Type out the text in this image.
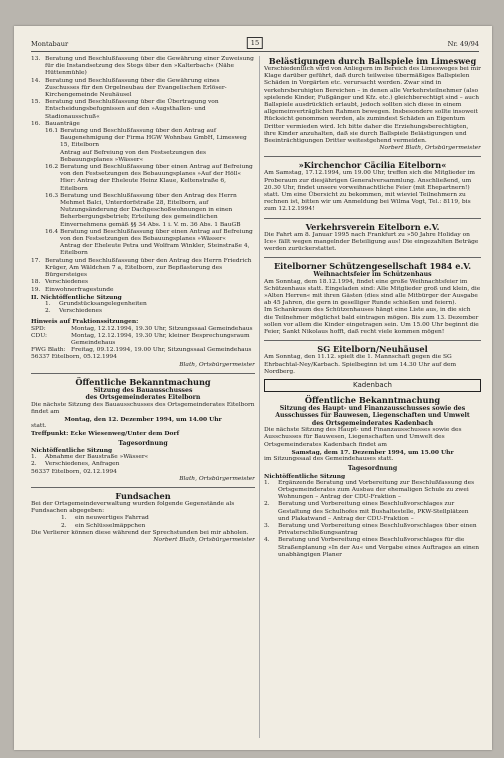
Montabaur	15	Nr. 49/94
13. Beratung und Beschlußfassung über die Gewährung einer Zuweisung für die Instandsetzung des Stegs über den »Kalterbach« (Nähe Hüttenmühle)
14. Beratung und Beschlußfassung über die Gewährung eines Zuschusses für den Orgelneubau der Evangelischen Erlöser-Kirchengemeinde Neuhäusel
15. Beratung und Beschlußfassung über die Übertragung von Entscheidungsbefugnissen auf den »Augsthallen- und Stadionausschuß«
16. Bauanträge
16.1 Beratung und Beschlußfassung über den Antrag auf Baugenehmigung der Firma HGW Wohnbau GmbH, Limesweg 15, Eitelborn
Antrag auf Befreiung von den Festsetzungen des Bebauungsplanes »Wässer«
16.2 Beratung und Beschlußfassung über einen Antrag auf Befreiung von den Festsetzungen des Bebauungsplanes »Auf der Höll«
Hier: Antrag der Eheleute Heinz Klaue, Keltenstraße 6, Eitelborn
16.3 Beratung und Beschlußfassung über den Antrag des Herrn Mehmet Balci, Unterdorfstraße 28, Eitelborn, auf Nutzungsänderung der Dachgeschoßwohnungen in einen Beherbergungsbetrieb; Erteilung des gemeindlichen Einvernehmens gemäß §§ 34 Abs. 1 i. V. m. 36 Abs. 1 BauGB
16.4 Beratung und Beschlußfassung über einen Antrag auf Befreiung von den Festsetzungen des Bebauungsplanes »Wässer«
Antrag der Eheleute Petra und Wolfram Winkler, Steinstraße 4, Eitelborn
17. Beratung und Beschlußfassung über den Antrag des Herrn Friedrich Krüger, Am Wäldchen 7 a, Eitelborn, zur Bepflasterung des Bürgersteiges
18. Verschiedenes
19. Einwohnerfragestunde

II. Nichtöffentliche Sitzung

1.	Grundstücksangelegenheiten
2.	Verschiedenes

Hinweis auf Fraktionssitzungen:

SPD:	Montag, 12.12.1994, 19.30 Uhr, Sitzungssaal Gemeindehaus
CDU:	Montag, 12.12.1994, 19.30 Uhr, kleiner Besprechungsraum Gemeindehaus
FWG Blath: Freitag, 09.12.1994, 19.00 Uhr, Sitzungssaal Gemeindehaus

56337 Eitelborn, 05.12.1994

Blath, Ortsbürgermeister

Öffentliche Bekanntmachung

Sitzung des Bauausschusses

des Ortsgemeinderates Eitelborn

Die nächste Sitzung des Bauausschusses des Ortsgemeinderates Eitelborn findet am

Montag, den 12. Dezember 1994, um 14.00 Uhr

statt.

Treffpunkt: Ecke Wiesenweg/Unter dem Dorf

Tagesordnung

Nichtöffentliche Sitzung

1.	Abnahme der Baustraße »Wässer«
2.	Verschiedenes, Anfragen

56337 Eitelborn, 02.12.1994

Blath, Ortsbürgermeister

Fundsachen

Bei der Ortsgemeindeverwaltung wurden folgende Gegenstände als Fundsachen abgegeben:

1.	ein neuwertiges Fahrrad
2.	ein Schlüsselmäppchen

Die Verlierer können diese während der Sprechstunden bei mir abholen.

Norbert Blath, Ortsbürgermeister

Belästigungen durch Ballspiele im Limesweg

Verschiedentlich wird von Anliegern im Bereich des Limesweges bei mir Klage darüber geführt, daß durch teilweise übermäßiges Ballspielen Schäden in Vorgärten etc. verursacht werden. Zwar sind in verkehrsberuhigten Bereichen – in denen alle Verkehrsteilnehmer (also spielende Kinder, Fußgänger und Kfz. etc.) gleichberechtigt sind – auch Ballspiele ausdrücklich erlaubt, jedoch sollten sich diese in einem allgemeinverträglichen Rahmen bewegen. Insbesondere sollte insoweit Rücksicht genommen werden, als zumindest Schäden an Eigentum Dritter vermieden wird. Ich bitte daher die Erziehungsberechtigten, ihre Kinder anzuhalten, daß sie durch Ballspiele Belästigungen und Beeinträchtigungen Dritter weitestgehend vermeiden.

Norbert Blath, Ortsbürgermeister

»Kirchenchor Cäcilia Eitelborn«

Am Samstag, 17.12.1994, um 19.00 Uhr, treffen sich die Mitglieder im Proberaum zur diesjährigen Generalversammlung. Anschließend, um 20.30 Uhr, findet unsere vorweihnachtliche Feier (mit Ehepartnern!) statt. Um eine Übersicht zu bekommen, mit wieviel Teilnehmern zu rechnen ist, bitten wir um Anmeldung bei Wilma Vogt, Tel.: 8119, bis zum 12.12.1994!

Verkehrsverein Eitelborn e.V.

Die Fahrt am 8. Januar 1995 nach Frankfurt zu »50 Jahre Holiday on Ice« fällt wegen mangelnder Beteiligung aus! Die eingezahlten Beträge werden zurückerstattet.

Eitelborner Schützengesellschaft 1984 e.V.

Weihnachtsfeier im Schützenhaus

Am Sonntag, dem 18.12.1994, findet eine große Weihnachtsfeier im Schützenhaus statt. Eingeladen sind: Alle Mitglieder groß und klein, die »Alten Herren« mit ihren Gästen (dies sind alle Mitbürger der Ausgabe ab 45 Jahren, die gern in geselliger Runde schießen und feiern).

Im Schankraum des Schützenhauses hängt eine Liste aus, in die sich die Teilnehmer möglichst bald eintragen mögen. Bis zum 13. Dezember sollen vor allem die Kinder eingetragen sein. Um 15.00 Uhr beginnt die Feier, Sankt Nikolaus hofft, daß recht viele kommen mögen!

SG Eitelborn/Neuhäusel

Am Sonntag, den 11.12. spielt die 1. Mannschaft gegen die SG Ehrbachtal-Ney/Karbach. Spielbeginn ist um 14.30 Uhr auf dem Nordberg.

Kadenbach

Öffentliche Bekanntmachung

Sitzung des Haupt- und Finanzausschusses sowie des

Ausschusses für Bauwesen, Liegenschaften und Umwelt

des Ortsgemeinderates Kadenbach

Die nächste Sitzung des Haupt- und Finanzausschusses sowie des Ausschusses für Bauwesen, Liegenschaften und Umwelt des Ortsgemeinderates Kadenbach findet am

Samstag, dem 17. Dezember 1994, um 15.00 Uhr

im Sitzungssaal des Gemeindehauses statt.

Tagesordnung

Nichtöffentliche Sitzung

1.	Ergänzende Beratung und Vorbereitung zur Beschlußfassung des Ortsgemeinderates zum Ausbau der ehemaligen Schule zu zwei Wohnungen – Antrag der CDU-Fraktion –
2.	Beratung und Vorbereitung eines Beschlußvorschlages zur Gestaltung des Schulhofes mit Bushaltestelle, PKW-Stellplätzen und Plakatwand – Antrag der CDU-Fraktion –
3.	Beratung und Vorbereitung eines Beschlußvorschlages über einen Privaterschließungsantrag
4.	Beratung und Vorbereitung eines Beschlußvorschlages für die Straßenplanung »In der Au« und Vergabe eines Auftrages an einen unabhängigen Planer
